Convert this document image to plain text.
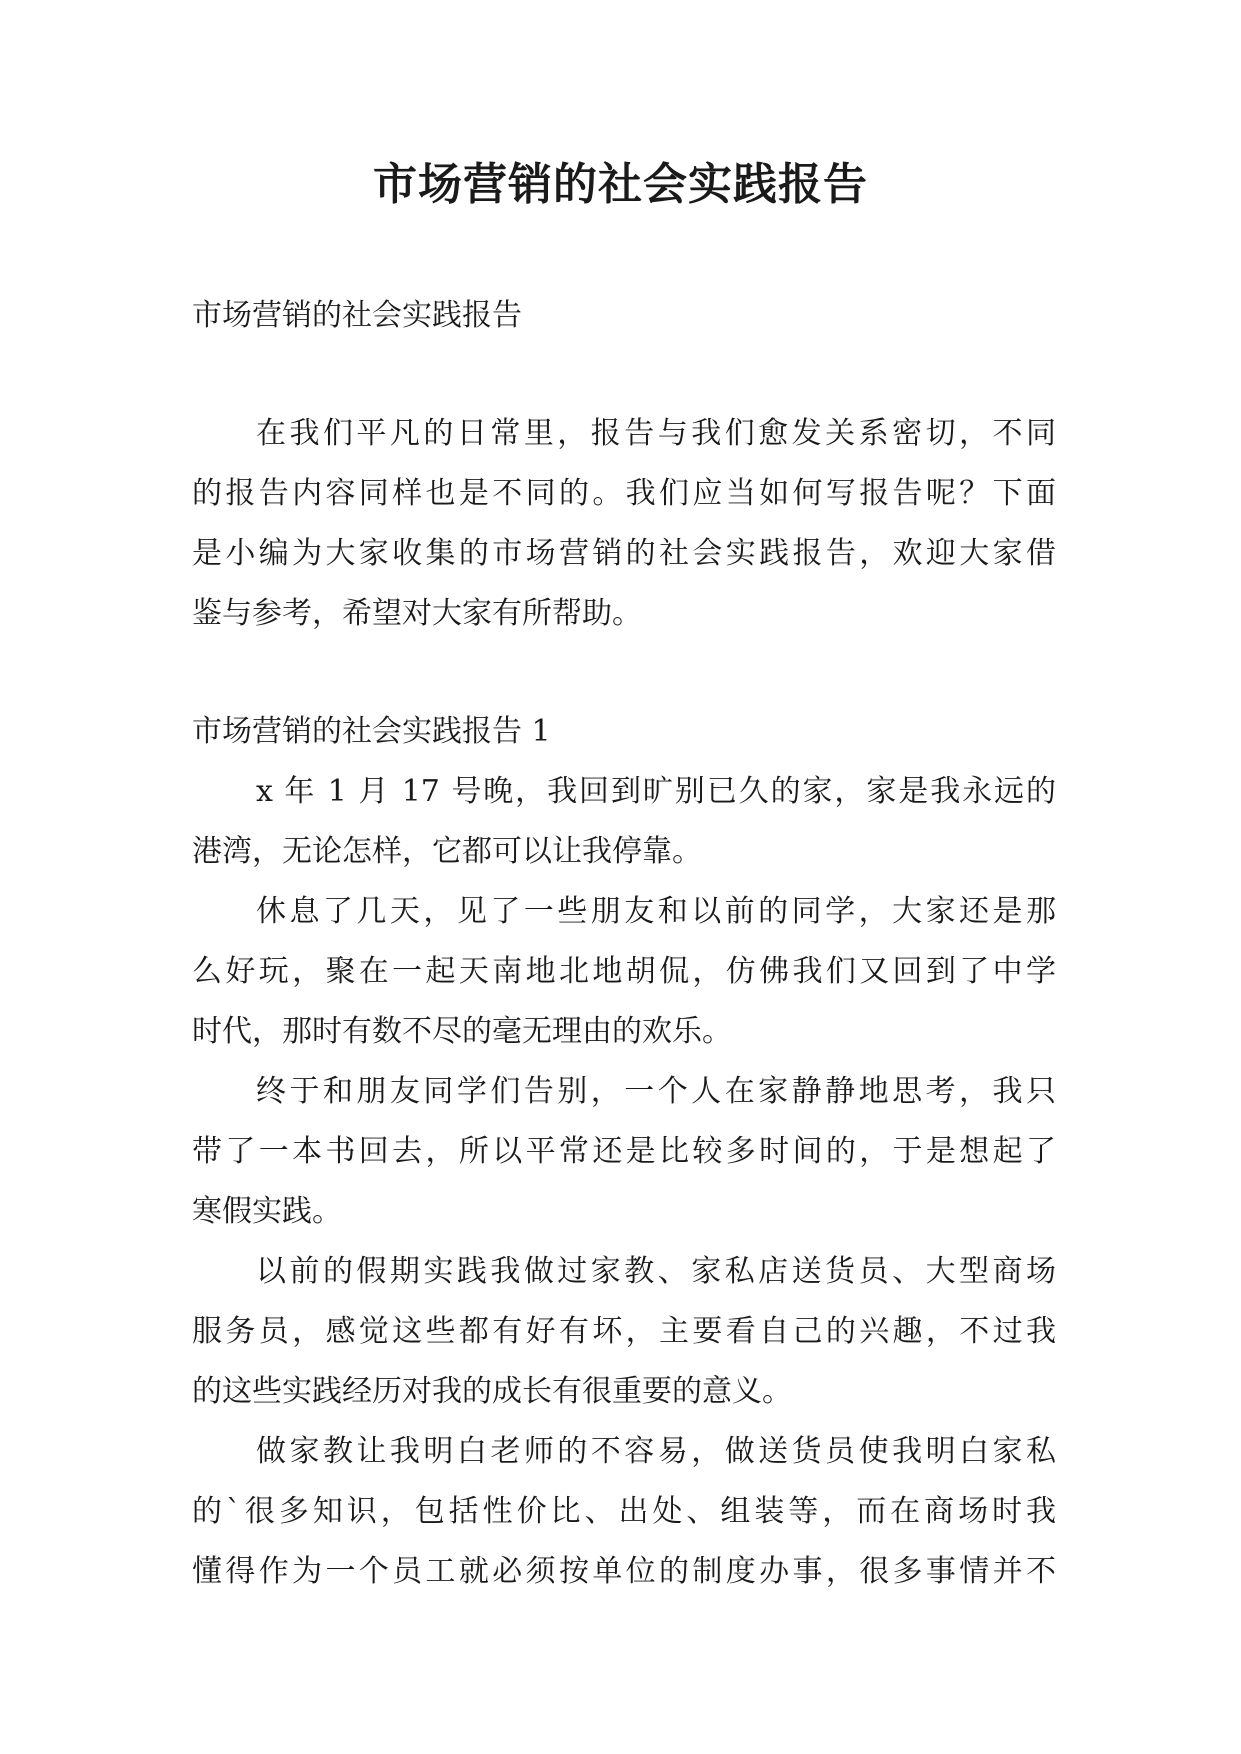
市场营销的社会实践报告

市场营销的社会实践报告

在我们平凡的日常里，报告与我们愈发关系密切，不同

的报告内容同样也是不同的。我们应当如何写报告呢？下面

是小编为大家收集的市场营销的社会实践报告，欢迎大家借

鉴与参考，希望对大家有所帮助。

市场营销的社会实践报告 1

x 年 1 月 17 号晚，我回到旷别已久的家，家是我永远的

港湾，无论怎样，它都可以让我停靠。

休息了几天，见了一些朋友和以前的同学，大家还是那

么好玩，聚在一起天南地北地胡侃，仿佛我们又回到了中学

时代，那时有数不尽的毫无理由的欢乐。

终于和朋友同学们告别，一个人在家静静地思考，我只

带了一本书回去，所以平常还是比较多时间的，于是想起了

寒假实践。

以前的假期实践我做过家教、家私店送货员、大型商场

服务员，感觉这些都有好有坏，主要看自己的兴趣，不过我

的这些实践经历对我的成长有很重要的意义。

做家教让我明白老师的不容易，做送货员使我明白家私

的`很多知识，包括性价比、出处、组装等，而在商场时我

懂得作为一个员工就必须按单位的制度办事，很多事情并不
